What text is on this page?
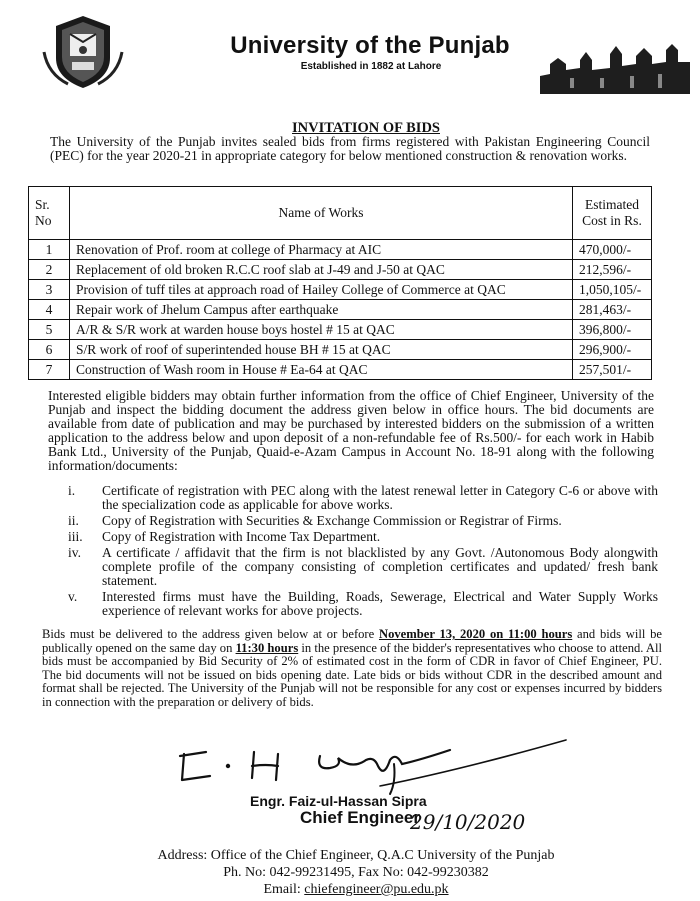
University of the Punjab
Established in 1882 at Lahore
INVITATION OF BIDS
The University of the Punjab invites sealed bids from firms registered with Pakistan Engineering Council (PEC) for the year 2020-21 in appropriate category for below mentioned construction & renovation works.
Sr. No	Name of Works	Estimated Cost in Rs.
1	Renovation of Prof. room at college of Pharmacy at AIC	470,000/-
2	Replacement of old broken R.C.C roof slab at J-49 and J-50 at QAC	212,596/-
3	Provision of tuff tiles at approach road of Hailey College of Commerce at QAC	1,050,105/-
4	Repair work of Jhelum Campus after earthquake	281,463/-
5	A/R & S/R work at warden house boys hostel # 15 at QAC	396,800/-
6	S/R work of roof of superintended house BH # 15 at QAC	296,900/-
7	Construction of Wash room in House # Ea-64 at QAC	257,501/-
Interested eligible bidders may obtain further information from the office of Chief Engineer, University of the Punjab and inspect the bidding document the address given below in office hours. The bid documents are available from date of publication and may be purchased by interested bidders on the submission of a written application to the address below and upon deposit of a non-refundable fee of Rs.500/- for each work in Habib Bank Ltd., University of the Punjab, Quaid-e-Azam Campus in Account No. 18-91 along with the following information/documents:
i.	Certificate of registration with PEC along with the latest renewal letter in Category C-6 or above with the specialization code as applicable for above works.
ii.	Copy of Registration with Securities & Exchange Commission or Registrar of Firms.
iii.	Copy of Registration with Income Tax Department.
iv.	A certificate / affidavit that the firm is not blacklisted by any Govt. /Autonomous Body alongwith complete profile of the company consisting of completion certificates and updated/ fresh bank statement.
v.	Interested firms must have the Building, Roads, Sewerage, Electrical and Water Supply Works experience of relevant works for above projects.
Bids must be delivered to the address given below at or before November 13, 2020 on 11:00 hours and bids will be publically opened on the same day on 11:30 hours in the presence of the bidder's representatives who choose to attend. All bids must be accompanied by Bid Security of 2% of estimated cost in the form of CDR in favor of Chief Engineer, PU. The bid documents will not be issued on bids opening date. Late bids or bids without CDR in the described amount and format shall be rejected. The University of the Punjab will not be responsible for any cost or expenses incurred by bidders in connection with the preparation or delivery of bids.
Engr. Faiz-ul-Hassan Sipra
Chief Engineer
29/10/2020
Address: Office of the Chief Engineer, Q.A.C University of the Punjab
Ph. No: 042-99231495, Fax No: 042-99230382
Email: chiefengineer@pu.edu.pk
